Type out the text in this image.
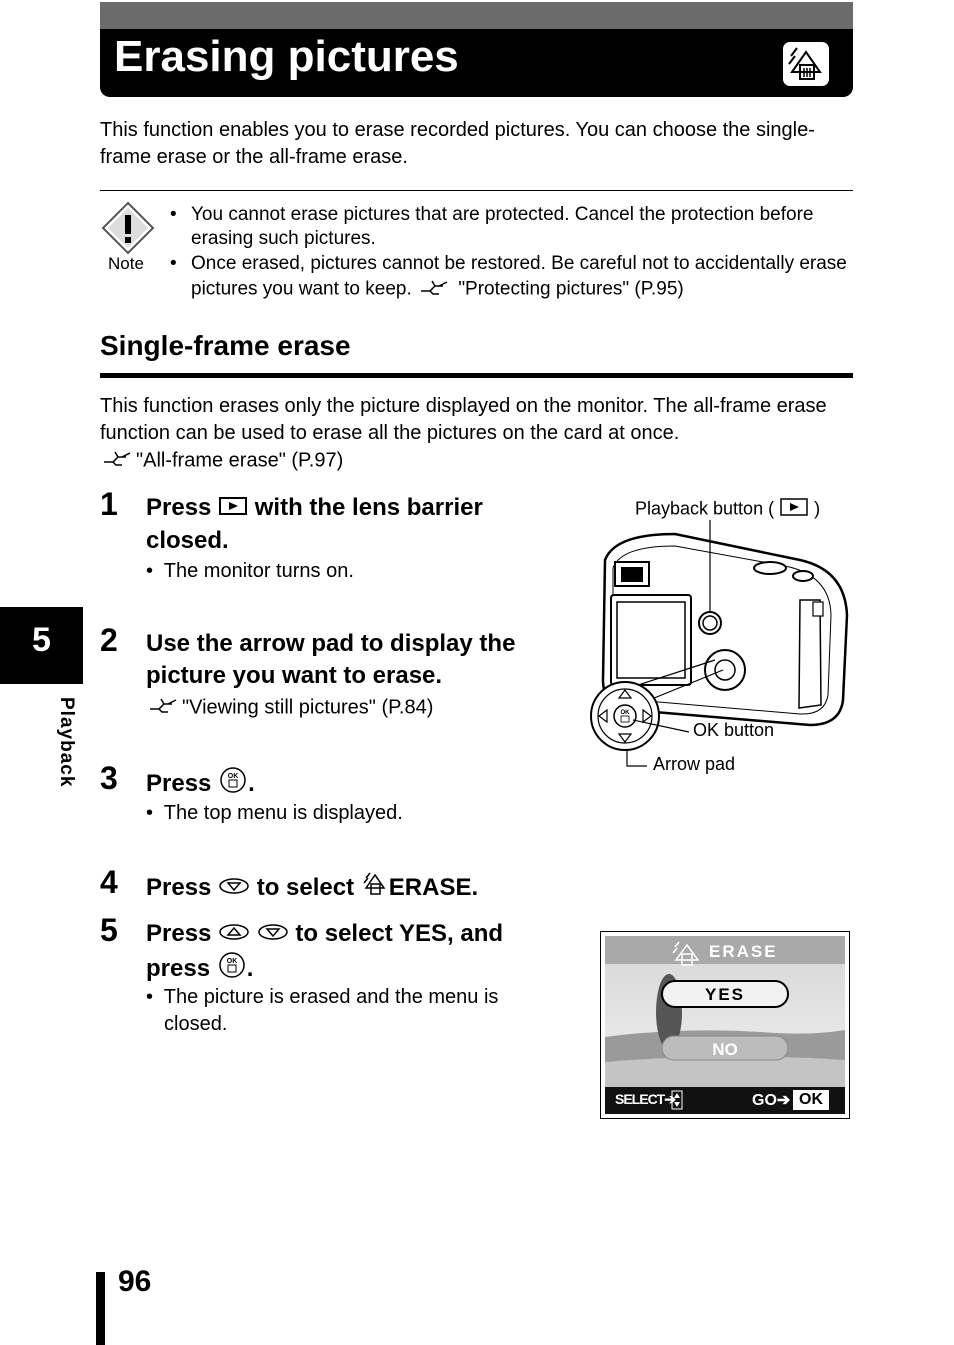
Erasing pictures
This function enables you to erase recorded pictures. You can choose the single-frame erase or the all-frame erase.
Note
• You cannot erase pictures that are protected. Cancel the protection before erasing such pictures.
• Once erased, pictures cannot be restored. Be careful not to accidentally erase pictures you want to keep. "Protecting pictures" (P.95)
Single-frame erase
This function erases only the picture displayed on the monitor. The all-frame erase function can be used to erase all the pictures on the card at once.
"All-frame erase" (P.97)
1 Press with the lens barrier
closed.
• The monitor turns on.
2 Use the arrow pad to display the
picture you want to erase.
"Viewing still pictures" (P.84)
3 Press OK .
• The top menu is displayed.
4 Press to select ERASE.
5 Press	to select YES, and
press OK .
• The picture is erased and the menu is
closed.
Playback button ( )
OK
OK button
Arrow pad
ERASE
YES
NO
SELECT➔	GO➔ OK
5
Playback
96
